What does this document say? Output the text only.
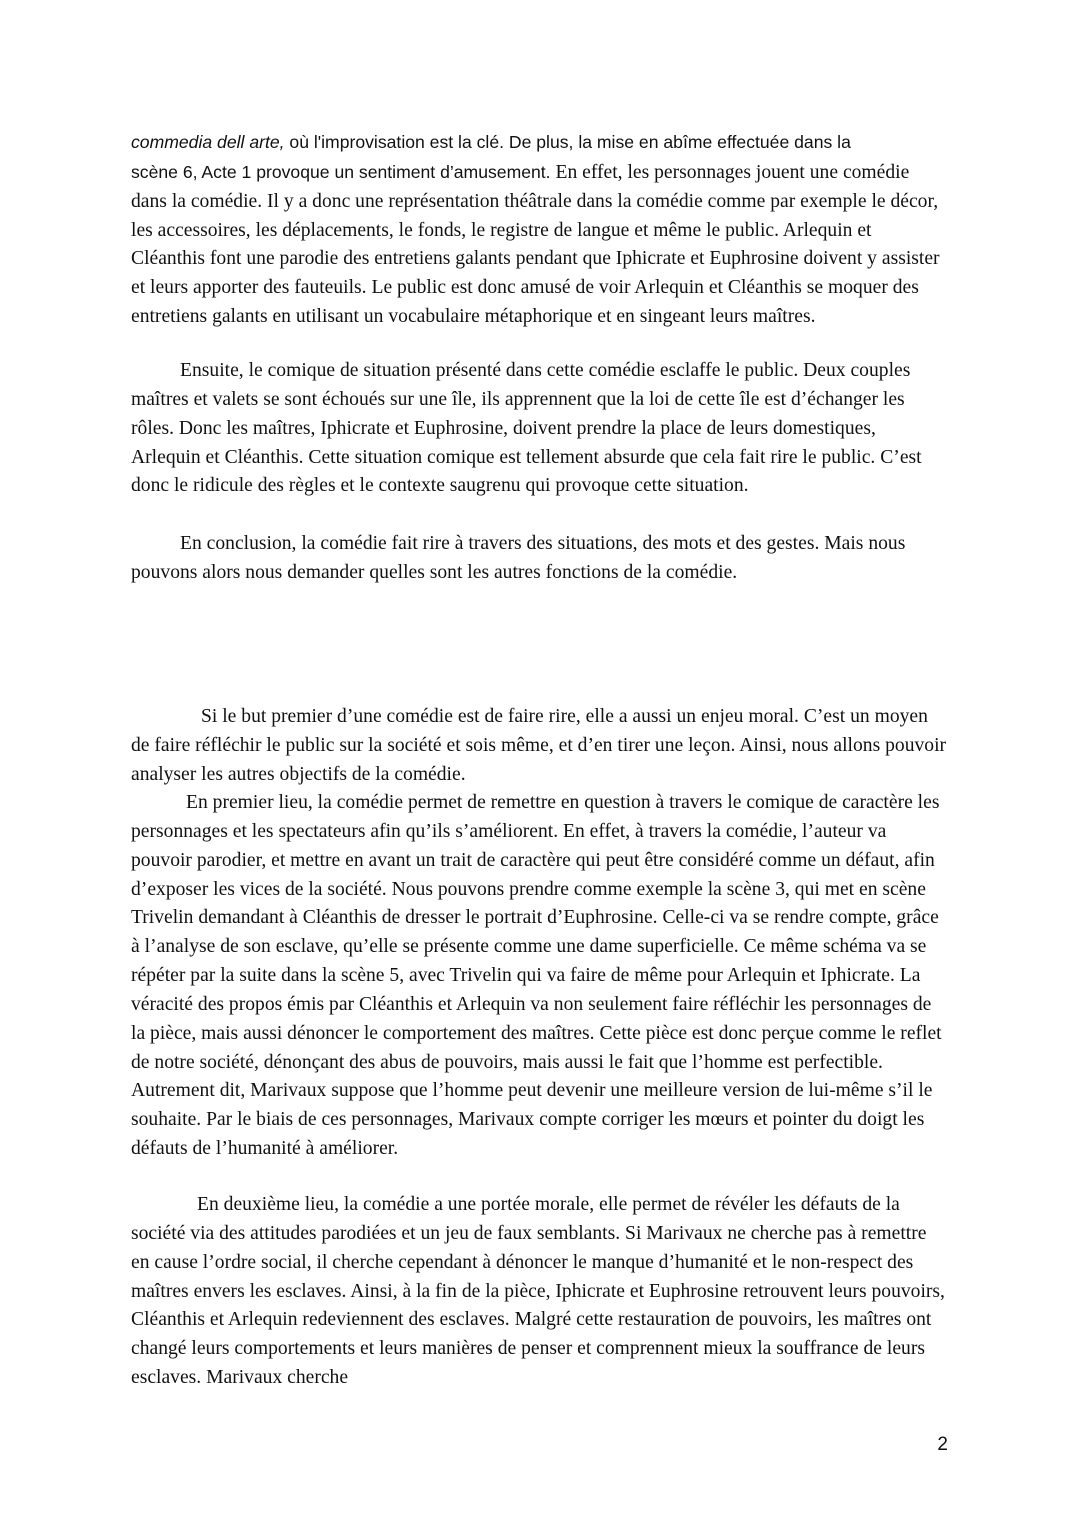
commedia dell arte, où l'improvisation est la clé. De plus, la mise en abîme effectuée dans la
scène 6, Acte 1 provoque un sentiment d’amusement. En effet, les personnages jouent une comédie dans la comédie. Il y a donc une représentation théâtrale dans la comédie comme par exemple le décor, les accessoires, les déplacements, le fonds, le registre de langue et même le public. Arlequin et Cléanthis font une parodie des entretiens galants pendant que Iphicrate et Euphrosine doivent y assister et leurs apporter des fauteuils. Le public est donc amusé de voir Arlequin et Cléanthis se moquer des entretiens galants en utilisant un vocabulaire métaphorique et en singeant leurs maîtres.

Ensuite, le comique de situation présenté dans cette comédie esclaffe le public. Deux couples maîtres et valets se sont échoués sur une île, ils apprennent que la loi de cette île est d’échanger les rôles. Donc les maîtres, Iphicrate et Euphrosine, doivent prendre la place de leurs domestiques, Arlequin et Cléanthis. Cette situation comique est tellement absurde que cela fait rire le public. C’est donc le ridicule des règles et le contexte saugrenu qui provoque cette situation.

En conclusion, la comédie fait rire à travers des situations, des mots et des gestes. Mais nous pouvons alors nous demander quelles sont les autres fonctions de la comédie.

Si le but premier d’une comédie est de faire rire, elle a aussi un enjeu moral. C’est un moyen de faire réfléchir le public sur la société et sois même, et d’en tirer une leçon. Ainsi, nous allons pouvoir analyser les autres objectifs de la comédie.

En premier lieu, la comédie permet de remettre en question à travers le comique de caractère les personnages et les spectateurs afin qu’ils s’améliorent. En effet, à travers la comédie, l’auteur va pouvoir parodier, et mettre en avant un trait de caractère qui peut être considéré comme un défaut, afin d’exposer les vices de la société. Nous pouvons prendre comme exemple la scène 3, qui met en scène Trivelin demandant à Cléanthis de dresser le portrait d’Euphrosine. Celle-ci va se rendre compte, grâce à l’analyse de son esclave, qu’elle se présente comme une dame superficielle. Ce même schéma va se répéter par la suite dans la scène 5, avec Trivelin qui va faire de même pour Arlequin et Iphicrate. La véracité des propos émis par Cléanthis et Arlequin va non seulement faire réfléchir les personnages de la pièce, mais aussi dénoncer le comportement des maîtres. Cette pièce est donc perçue comme le reflet de notre société, dénonçant des abus de pouvoirs, mais aussi le fait que l’homme est perfectible. Autrement dit, Marivaux suppose que l’homme peut devenir une meilleure version de lui-même s’il le souhaite. Par le biais de ces personnages, Marivaux compte corriger les mœurs et pointer du doigt les défauts de l’humanité à améliorer.

En deuxième lieu, la comédie a une portée morale, elle permet de révéler les défauts de la société via des attitudes parodiées et un jeu de faux semblants. Si Marivaux ne cherche pas à remettre en cause l’ordre social, il cherche cependant à dénoncer le manque d’humanité et le non-respect des maîtres envers les esclaves. Ainsi, à la fin de la pièce, Iphicrate et Euphrosine retrouvent leurs pouvoirs, Cléanthis et Arlequin redeviennent des esclaves. Malgré cette restauration de pouvoirs, les maîtres ont changé leurs comportements et leurs manières de penser et comprennent mieux la souffrance de leurs esclaves. Marivaux cherche

2
